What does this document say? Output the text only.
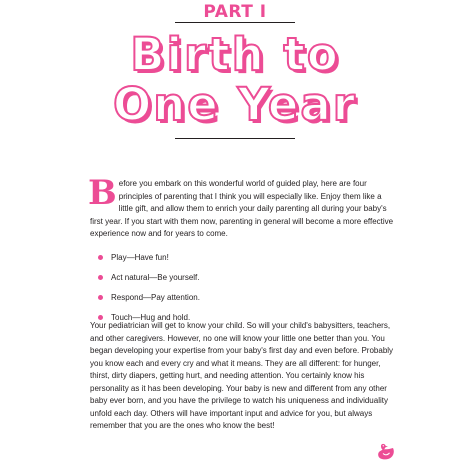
PART I
Birth to
One Year
B efore you embark on this wonderful world of guided play, here are four principles of parenting that I think you will especially like. Enjoy them like a little gift, and allow them to enrich your daily parenting all during your baby's first year. If you start with them now, parenting in general will become a more effective experience now and for years to come.
Play—Have fun!
Act natural—Be yourself.
Respond—Pay attention.
Touch—Hug and hold.
Your pediatrician will get to know your child. So will your child's babysitters, teachers, and other caregivers. However, no one will know your little one better than you. You began developing your expertise from your baby's first day and even before. Probably you know each and every cry and what it means. They are all different: for hunger, thirst, dirty diapers, getting hurt, and needing attention. You certainly know his personality as it has been developing. Your baby is new and different from any other baby ever born, and you have the privilege to watch his uniqueness and individuality unfold each day. Others will have important input and advice for you, but always remember that you are the ones who know the best!
